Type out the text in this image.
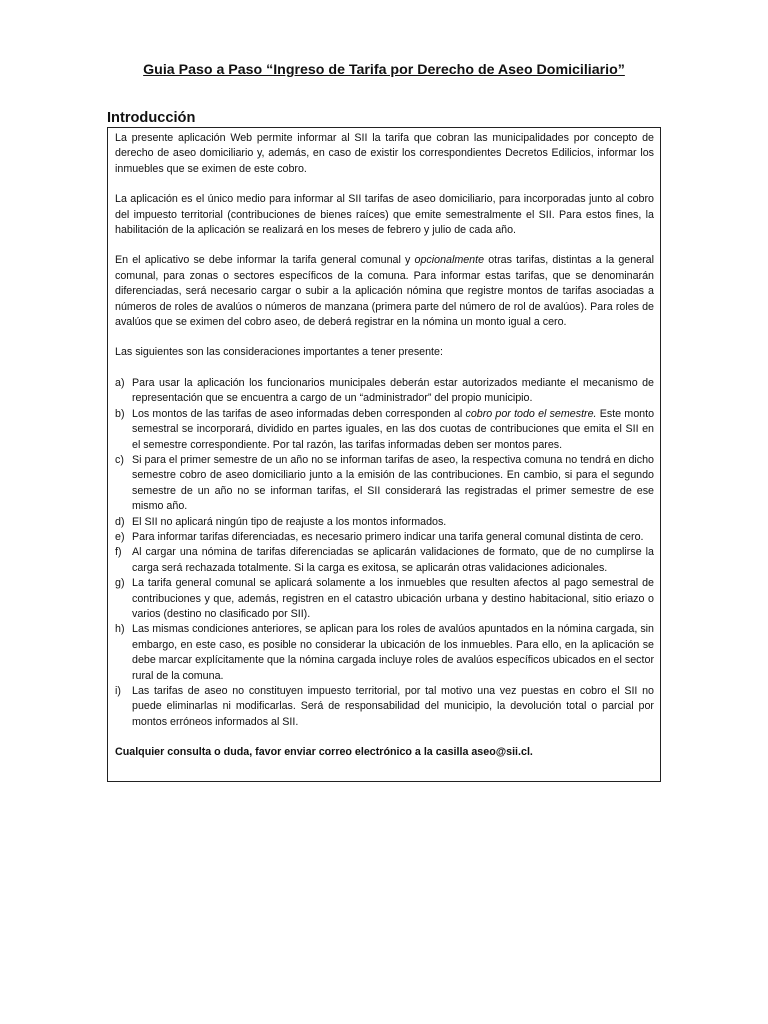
Guia Paso a Paso “Ingreso de Tarifa por Derecho de Aseo Domiciliario”
Introducción

La presente aplicación Web permite informar al SII la tarifa que cobran las municipalidades por concepto de derecho de aseo domiciliario y, además, en caso de existir los correspondientes Decretos Edilicios, informar los inmuebles que se eximen de este cobro.

La aplicación es el único medio para informar al SII tarifas de aseo domiciliario, para incorporadas junto al cobro del impuesto territorial (contribuciones de bienes raíces) que emite semestralmente el SII. Para estos fines, la habilitación de la aplicación se realizará en los meses de febrero y julio de cada año.

En el aplicativo se debe informar la tarifa general comunal y opcionalmente otras tarifas, distintas a la general comunal, para zonas o sectores específicos de la comuna. Para informar estas tarifas, que se denominarán diferenciadas, será necesario cargar o subir a la aplicación nómina que registre montos de tarifas asociadas a números de roles de avalúos o números de manzana (primera parte del número de rol de avalúos). Para roles de avalúos que se eximen del cobro aseo, de deberá registrar en la nómina un monto igual a cero.

Las siguientes son las consideraciones importantes a tener presente:

a) Para usar la aplicación los funcionarios municipales deberán estar autorizados mediante el mecanismo de representación que se encuentra a cargo de un “administrador” del propio municipio.
b) Los montos de las tarifas de aseo informadas deben corresponden al cobro por todo el semestre. Este monto semestral se incorporará, dividido en partes iguales, en las dos cuotas de contribuciones que emita el SII en el semestre correspondiente. Por tal razón, las tarifas informadas deben ser montos pares.
c) Si para el primer semestre de un año no se informan tarifas de aseo, la respectiva comuna no tendrá en dicho semestre cobro de aseo domiciliario junto a la emisión de las contribuciones. En cambio, si para el segundo semestre de un año no se informan tarifas, el SII considerará las registradas el primer semestre de ese mismo año.
d) El SII no aplicará ningún tipo de reajuste a los montos informados.
e) Para informar tarifas diferenciadas, es necesario primero indicar una tarifa general comunal distinta de cero.
f) Al cargar una nómina de tarifas diferenciadas se aplicarán validaciones de formato, que de no cumplirse la carga será rechazada totalmente. Si la carga es exitosa, se aplicarán otras validaciones adicionales.
g) La tarifa general comunal se aplicará solamente a los inmuebles que resulten afectos al pago semestral de contribuciones y que, además, registren en el catastro ubicación urbana y destino habitacional, sitio eriazo o varios (destino no clasificado por SII).
h) Las mismas condiciones anteriores, se aplican para los roles de avalúos apuntados en la nómina cargada, sin embargo, en este caso, es posible no considerar la ubicación de los inmuebles. Para ello, en la aplicación se debe marcar explícitamente que la nómina cargada incluye roles de avalúos específicos ubicados en el sector rural de la comuna.
i) Las tarifas de aseo no constituyen impuesto territorial, por tal motivo una vez puestas en cobro el SII no puede eliminarlas ni modificarlas. Será de responsabilidad del municipio, la devolución total o parcial por montos erróneos informados al SII.

Cualquier consulta o duda, favor enviar correo electrónico a la casilla aseo@sii.cl.
